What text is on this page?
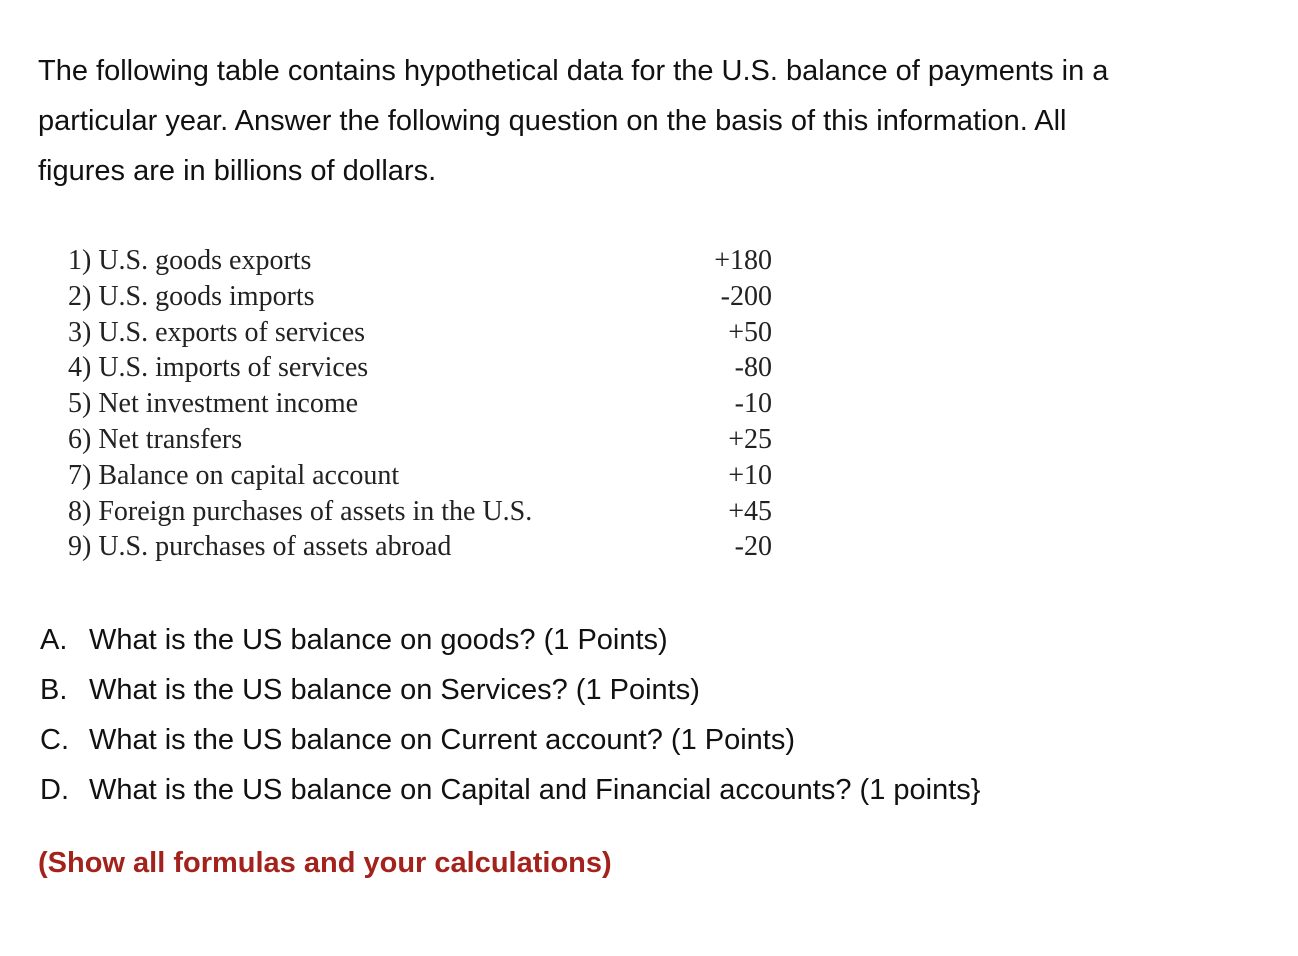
The following table contains hypothetical data for the U.S. balance of payments in a
particular year. Answer the following question on the basis of this information. All
figures are in billions of dollars.

1) U.S. goods exports	+180
2) U.S. goods imports	-200
3) U.S. exports of services	+50
4) U.S. imports of services	-80
5) Net investment income	-10
6) Net transfers	+25
7) Balance on capital account	+10
8) Foreign purchases of assets in the U.S.	+45
9) U.S. purchases of assets abroad	-20
A. What is the US balance on goods? (1 Points)
B. What is the US balance on Services? (1 Points)
C. What is the US balance on Current account? (1 Points)
D. What is the US balance on Capital and Financial accounts? (1 points}
(Show all formulas and your calculations)
